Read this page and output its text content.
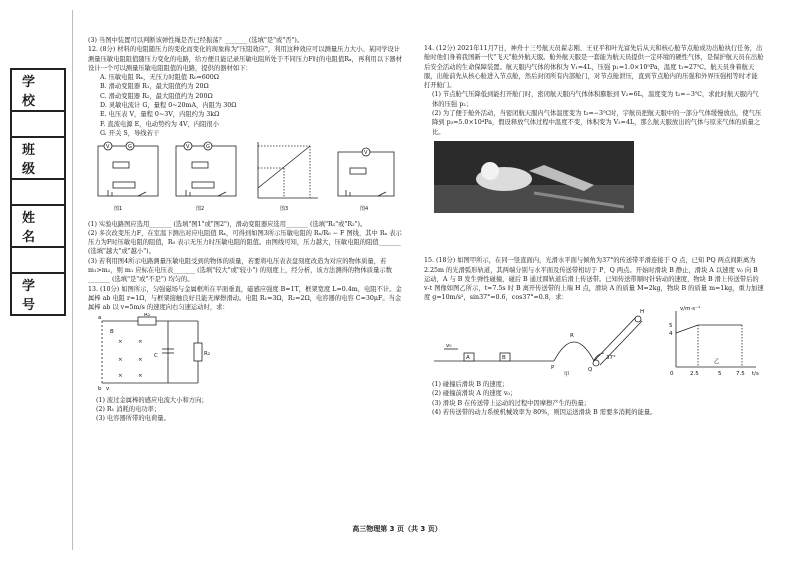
学 校
班 级
姓 名
学 号

(3) 当图中装置可以判断该弹性绳是否已经振荡？_______ (选填"是"或"否")。

12. (8分) 材料的电阻随压力的变化而变化的现象称为"压阻效应"，利用这种效应可以测量压力大小。某同学设计测量压敏电阻阻值随压力变化的电路，给方便且能记录压敏电阻所处于不同压力F时的电阻值Rₓ，再利用以下器材设计一个可以测量压敏电阻阻值的电路，提供的器材如下：

A. 压敏电阻 Rₓ，无压力时阻值 R₀=600Ω

B. 滑动变阻器 R₁，最大阻值约为 20Ω

C. 滑动变阻器 R₂，最大阻值约为 200Ω

D. 灵敏电流计 G，量程 0~20mA，内阻为 30Ω

E. 电压表 V，量程 0~3V，内阻约为 3kΩ

F. 直流电源 E，电动势约为 4V，内阻很小

G. 开关 S，导线若干

V	G	V	G
V
图1	图2	图3	图4

(1) 实验电路图应选用_______ (选填"图1"或"图2")，滑动变阻器应选用_______ (选填"R₁"或"R₂")。

(2) 多次改变压力F，在室温下测出对应电阻值 Rₓ，可得到如图3所示压敏电阻的 Rₓ/R₀ − F 图线，其中 Rₓ 表示压力为F时压敏电阻的阻值，R₀ 表示无压力时压敏电阻的阻值。由图线可知，压力越大，压敏电阻的阻值_______ (选填"越大"或"越小")。

(3) 若利用图4所示电路测量压敏电阻受到的物体的质量，若要将电压表表盘刻度改造为对应的物体质量，若 m₁>m₂，则 m₁ 应标在电压表_______ (选填"较大"或"较小") 的刻度上，经分析，该方法测得的物体质量示数_______ (选填"是"或"不是") 均匀的。

13. (10分) 如图所示，匀强磁场与金属框所在平面垂直，磁感应强度 B=1T，框架宽度 L=0.4m，电阻不计。金属棒 ab 电阻 r=1Ω，与框架接触良好且能无摩擦滑动。电阻 R₁=3Ω，R₂=2Ω，电容器的电容 C=30μF。当金属棒 ab 以 v=5m/s 的速度向右匀速运动时，求：

×	×
×	×
×	×
R₁
B
C	R₂
a
b v

(1) 流过金属棒的感应电流大小和方向；

(2) R₁ 消耗的电功率；

(3) 电容器所带的电荷量。

14. (12分) 2021年11月7日，神舟十三号航天员翟志刚、王亚平和叶光富先后从天和核心舱节点舱成功出舱执行任务，出舱时他们身着我国新一代"飞天"舱外航天服。舱外航天服是一套能为航天员提供一定环境的硬性气体，是保护航天员在出舱后安全活动的生命保障装置。航天服内气体的体积为 V₁=4L，压强 p₁=1.0×10⁵Pa，温度 t₁=27℃。航天员身着航天服，出舱前先从核心舱进入节点舱，然后封闭所有内部舱门，对节点舱泄压，直到节点舱内的压强和外界压强相等时才能打开舱门。

(1) 节点舱气压降低到能打开舱门时，密闭航天服内气体体积膨胀到 V₂=6L，温度变为 t₂=−3℃，求此时航天服内气体的压强 p₂；

(2) 为了便于舱外活动，当密闭航天服内气体温度变为 t₃=−3℃时，宇航员把航天服中的一部分气体缓慢放出，使气压降到 p₃=5.0×10⁴Pa，假设释放气体过程中温度不变，体积变为 V₃=4L，那么航天服放出的气体与原来气体的质量之比。

15. (18分) 如图甲所示，在同一竖直面内，光滑水平面与倾角为37°的传送带平滑连接于 Q 点，已知 PQ 两点间距离为 2.25m 的光滑弧形轨道，其两端分别与水平面及传送带相切于 P、Q 两点。开始时滑块 B 静止，滑块 A 以速度 v₀ 向 B 运动，A 与 B 发生弹性碰撞，碰后 B 通过圆轨道后滑上传送带。已知传送带顺时针转动的速度，物块 B 滑上传送带后的 v-t 图像如图乙所示，t=7.5s 时 B 离开传送带的上端 H 点，滑块 A 的质量 M=2kg，物块 B 的质量 m=1kg，重力加速度 g=10m/s²，sin37°=0.6，cos37°=0.8，求：

v₀
A	B
P
R
Q
37°
H
甲
v/m·s⁻¹
t/s
0	2.5	5	7.5
5
4
乙

(1) 碰撞后滑块 B 的速度；

(2) 碰撞前滑块 A 的速度 v₀；

(3) 滑块 B 在传送带上运动的过程中因摩擦产生的热量；

(4) 若传送带的动力系统机械效率为 80%，则因运送滑块 B 需要多消耗的能量。

高三物理第 3 页（共 3 页）
